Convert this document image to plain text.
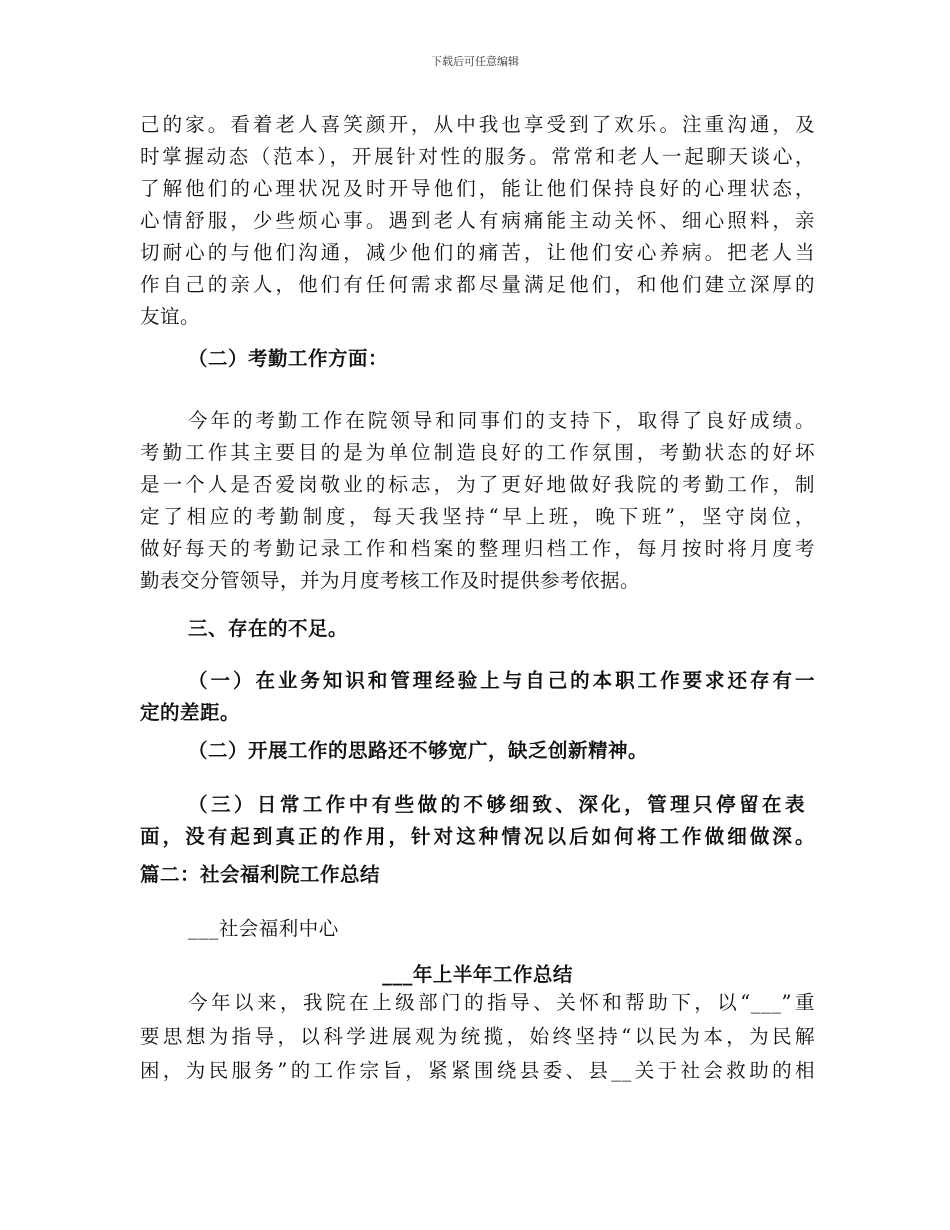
下载后可任意编辑
己的家。看着老人喜笑颜开，从中我也享受到了欢乐。注重沟通，及
时掌握动态（范本），开展针对性的服务。常常和老人一起聊天谈心，
了解他们的心理状况及时开导他们，能让他们保持良好的心理状态，
心情舒服，少些烦心事。遇到老人有病痛能主动关怀、细心照料，亲
切耐心的与他们沟通，减少他们的痛苦，让他们安心养病。把老人当
作自己的亲人，他们有任何需求都尽量满足他们，和他们建立深厚的
友谊。
（二）考勤工作方面：
今年的考勤工作在院领导和同事们的支持下，取得了良好成绩。
考勤工作其主要目的是为单位制造良好的工作氛围，考勤状态的好坏
是一个人是否爱岗敬业的标志，为了更好地做好我院的考勤工作，制
定了相应的考勤制度，每天我坚持“早上班，晚下班”，坚守岗位，
做好每天的考勤记录工作和档案的整理归档工作，每月按时将月度考
勤表交分管领导，并为月度考核工作及时提供参考依据。
三、存在的不足。
（一）在业务知识和管理经验上与自己的本职工作要求还存有一
定的差距。
（二）开展工作的思路还不够宽广，缺乏创新精神。
（三）日常工作中有些做的不够细致、深化，管理只停留在表
面，没有起到真正的作用，针对这种情况以后如何将工作做细做深。
篇二：社会福利院工作总结
___社会福利中心
___年上半年工作总结
今年以来，我院在上级部门的指导、关怀和帮助下，以“___”重
要思想为指导，以科学进展观为统揽，始终坚持“以民为本，为民解
困，为民服务”的工作宗旨，紧紧围绕县委、县__关于社会救助的相
